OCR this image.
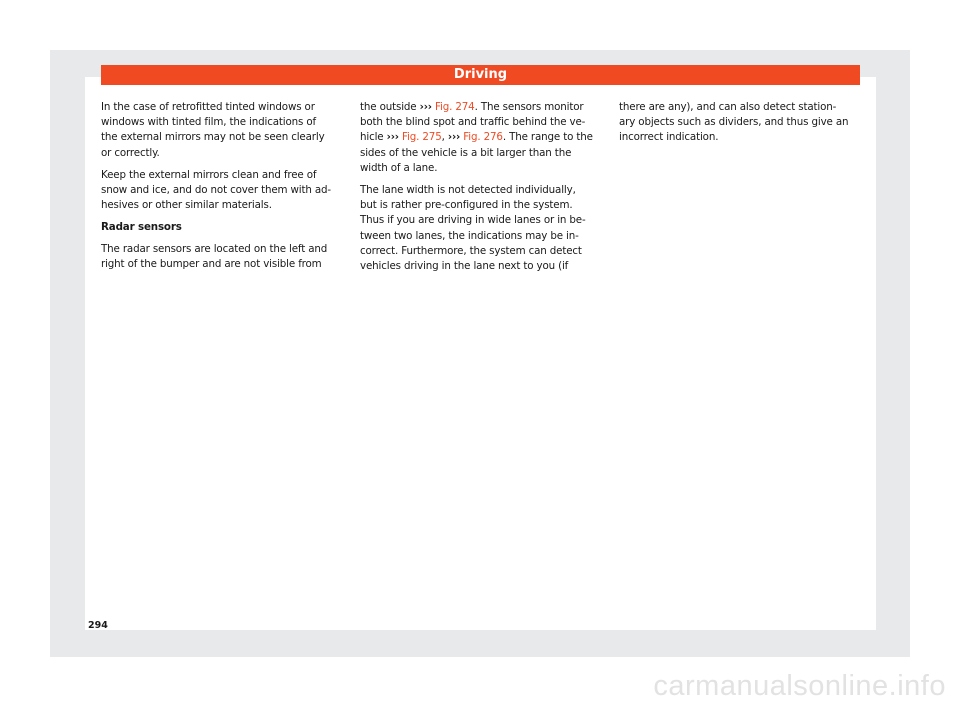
Driving

In the case of retrofitted tinted windows or windows with tinted film, the indications of the external mirrors may not be seen clearly or correctly.

Keep the external mirrors clean and free of snow and ice, and do not cover them with ad-hesives or other similar materials.

Radar sensors

The radar sensors are located on the left and right of the bumper and are not visible from

the outside ››› Fig. 274. The sensors monitor both the blind spot and traffic behind the ve-hicle ››› Fig. 275, ››› Fig. 276. The range to the sides of the vehicle is a bit larger than the width of a lane.

The lane width is not detected individually, but is rather pre-configured in the system. Thus if you are driving in wide lanes or in be-tween two lanes, the indications may be in-correct. Furthermore, the system can detect vehicles driving in the lane next to you (if

there are any), and can also detect station-ary objects such as dividers, and thus give an incorrect indication.

294
carmanualsonline.info
